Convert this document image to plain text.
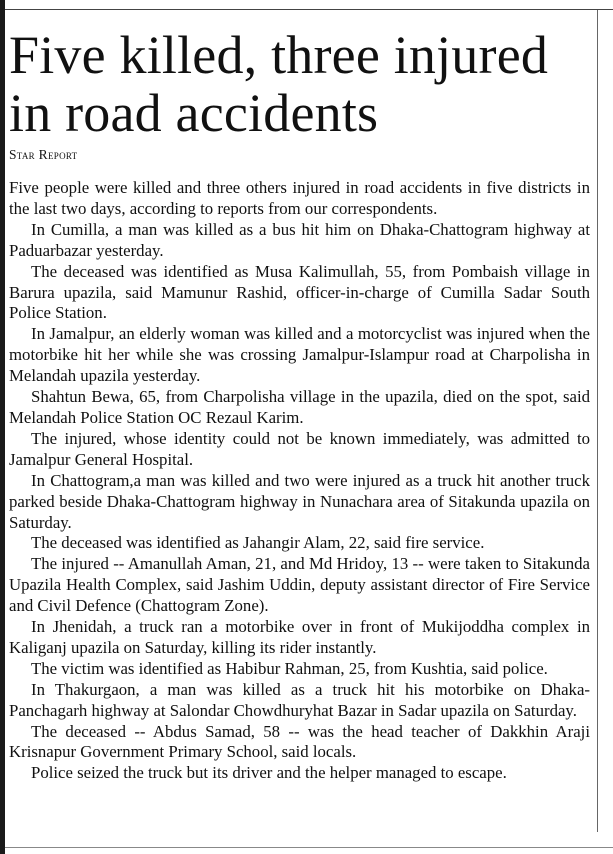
Five killed, three injured in road accidents
Star Report

Five people were killed and three others injured in road accidents in five districts in the last two days, according to reports from our correspondents.

In Cumilla, a man was killed as a bus hit him on Dhaka-Chattogram highway at Paduarbazar yesterday.

The deceased was identified as Musa Kalimullah, 55, from Pombaish village in Barura upazila, said Mamunur Rashid, officer-in-charge of Cumilla Sadar South Police Station.

In Jamalpur, an elderly woman was killed and a motorcyclist was injured when the motorbike hit her while she was crossing Jamalpur-Islampur road at Charpolisha in Melandah upazila yesterday.

Shahtun Bewa, 65, from Charpolisha village in the upazila, died on the spot, said Melandah Police Station OC Rezaul Karim.

The injured, whose identity could not be known immediately, was admitted to Jamalpur General Hospital.

In Chattogram,a man was killed and two were injured as a truck hit another truck parked beside Dhaka-Chattogram highway in Nunachara area of Sitakunda upazila on Saturday.

The deceased was identified as Jahangir Alam, 22, said fire service.

The injured -- Amanullah Aman, 21, and Md Hridoy, 13 -- were taken to Sitakunda Upazila Health Complex, said Jashim Uddin, deputy assistant director of Fire Service and Civil Defence (Chattogram Zone).

In Jhenidah, a truck ran a motorbike over in front of Mukijoddha complex in Kaliganj upazila on Saturday, killing its rider instantly.

The victim was identified as Habibur Rahman, 25, from Kushtia, said police.

In Thakurgaon, a man was killed as a truck hit his motorbike on Dhaka-Panchagarh highway at Salondar Chowdhuryhat Bazar in Sadar upazila on Saturday.

The deceased -- Abdus Samad, 58 -- was the head teacher of Dakkhin Araji Krisnapur Government Primary School, said locals.

Police seized the truck but its driver and the helper managed to escape.
